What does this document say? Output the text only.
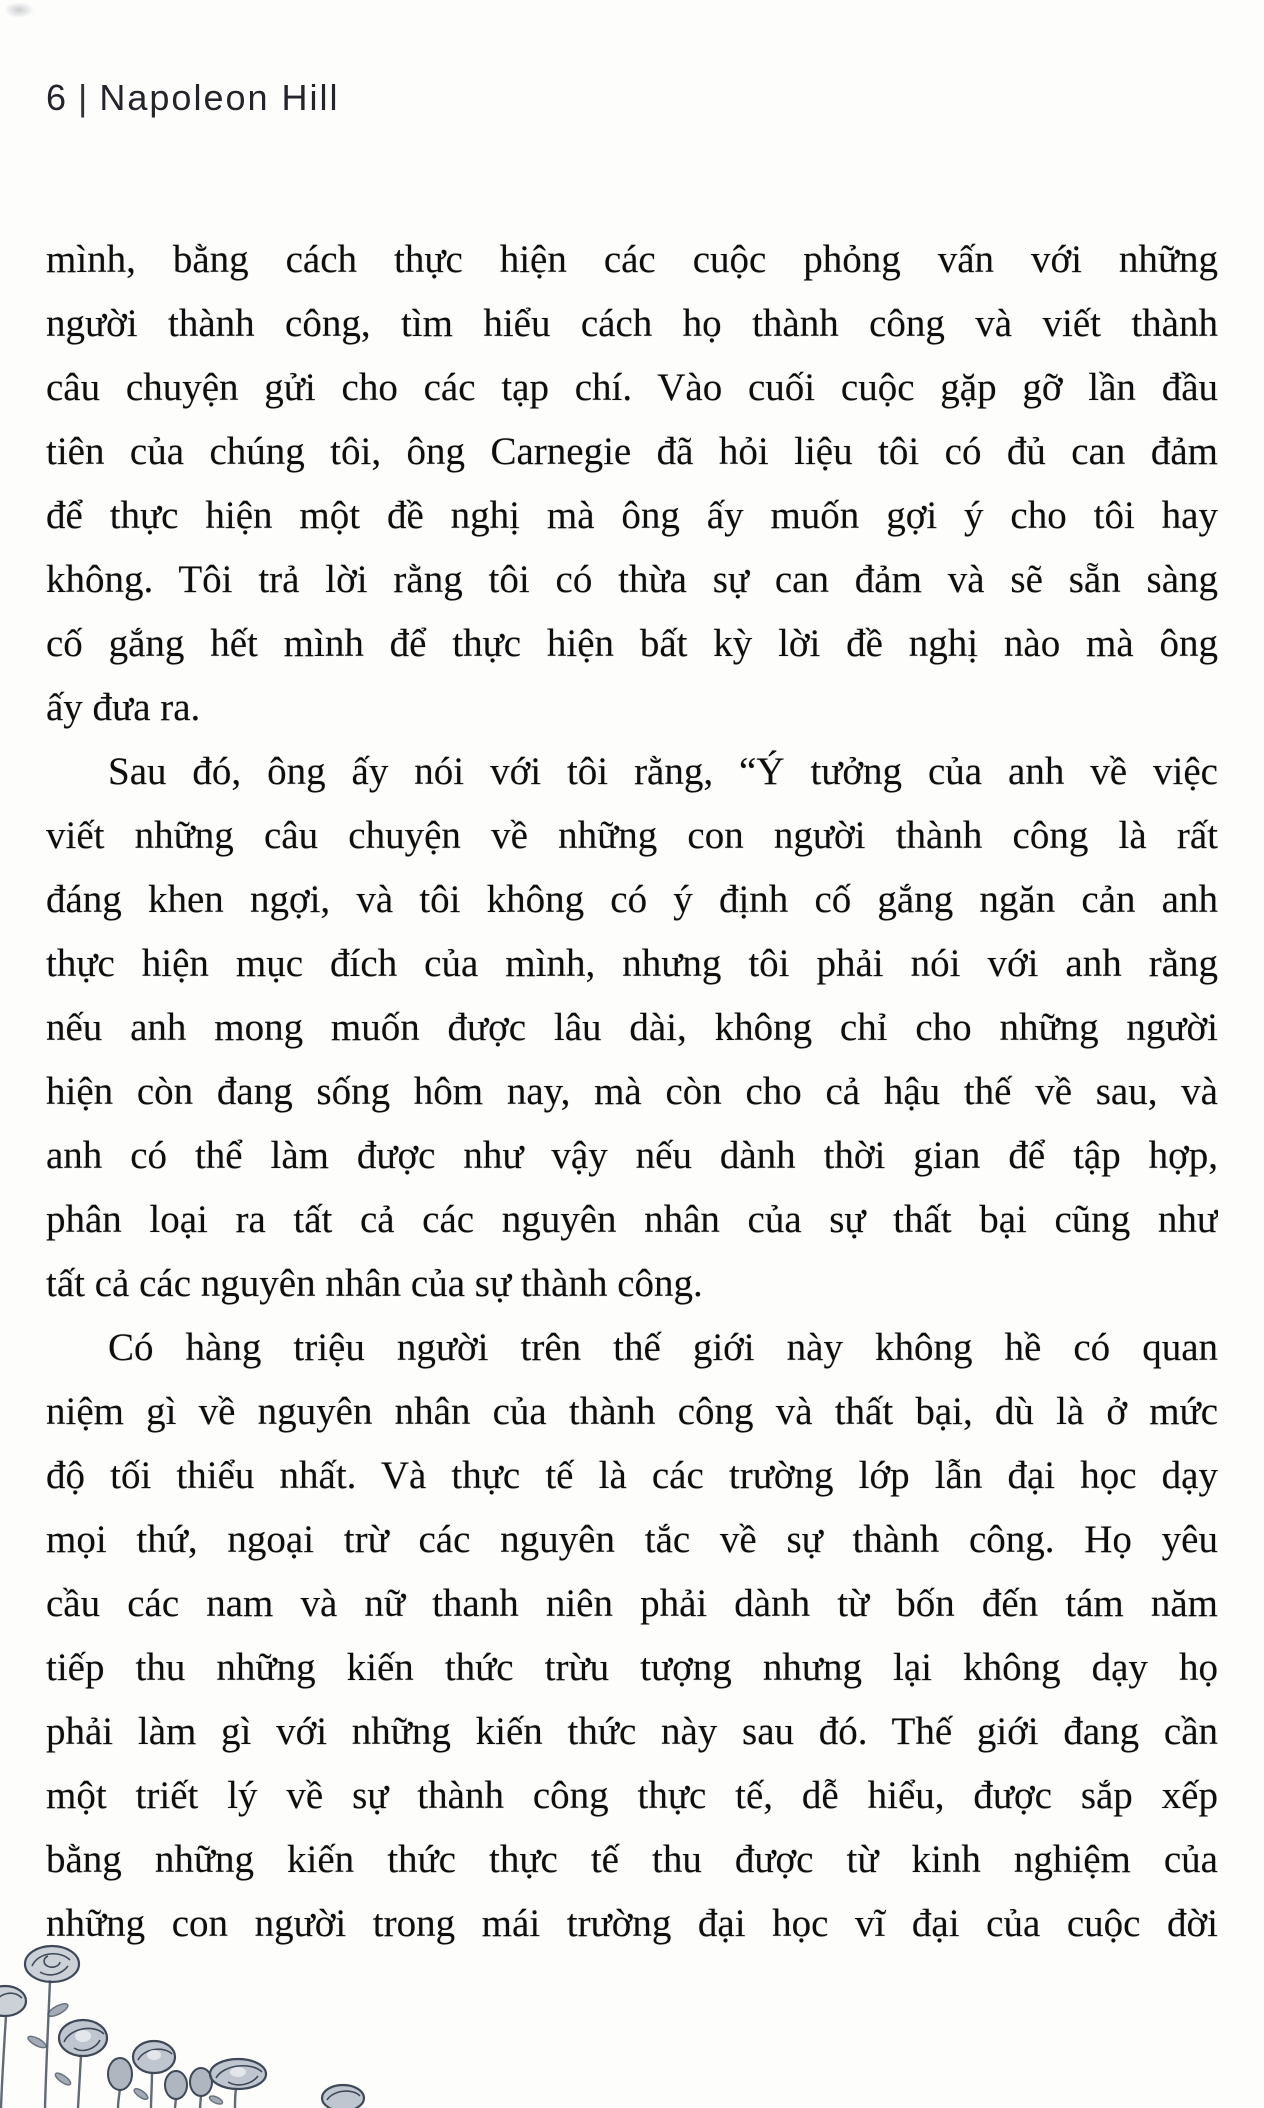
6 | Napoleon Hill

mình, bằng cách thực hiện các cuộc phỏng vấn với những
người thành công, tìm hiểu cách họ thành công và viết thành
câu chuyện gửi cho các tạp chí. Vào cuối cuộc gặp gỡ lần đầu
tiên của chúng tôi, ông Carnegie đã hỏi liệu tôi có đủ can đảm
để thực hiện một đề nghị mà ông ấy muốn gợi ý cho tôi hay
không. Tôi trả lời rằng tôi có thừa sự can đảm và sẽ sẵn sàng
cố gắng hết mình để thực hiện bất kỳ lời đề nghị nào mà ông
ấy đưa ra.

Sau đó, ông ấy nói với tôi rằng, “Ý tưởng của anh về việc
viết những câu chuyện về những con người thành công là rất
đáng khen ngợi, và tôi không có ý định cố gắng ngăn cản anh
thực hiện mục đích của mình, nhưng tôi phải nói với anh rằng
nếu anh mong muốn được lâu dài, không chỉ cho những người
hiện còn đang sống hôm nay, mà còn cho cả hậu thế về sau, và
anh có thể làm được như vậy nếu dành thời gian để tập hợp,
phân loại ra tất cả các nguyên nhân của sự thất bại cũng như
tất cả các nguyên nhân của sự thành công.

Có hàng triệu người trên thế giới này không hề có quan
niệm gì về nguyên nhân của thành công và thất bại, dù là ở mức
độ tối thiểu nhất. Và thực tế là các trường lớp lẫn đại học dạy
mọi thứ, ngoại trừ các nguyên tắc về sự thành công. Họ yêu
cầu các nam và nữ thanh niên phải dành từ bốn đến tám năm
tiếp thu những kiến thức trừu tượng nhưng lại không dạy họ
phải làm gì với những kiến thức này sau đó. Thế giới đang cần
một triết lý về sự thành công thực tế, dễ hiểu, được sắp xếp
bằng những kiến thức thực tế thu được từ kinh nghiệm của
những con người trong mái trường đại học vĩ đại của cuộc đời
